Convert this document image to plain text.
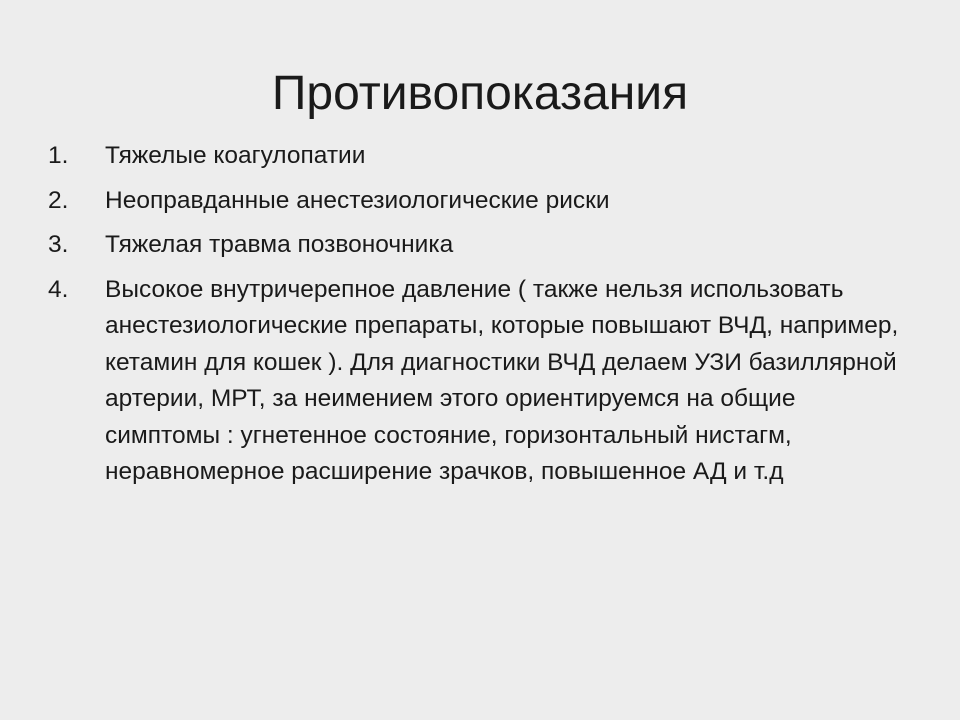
Противопоказания
1. Тяжелые коагулопатии
2. Неоправданные анестезиологические риски
3. Тяжелая травма позвоночника
4. Высокое внутричерепное давление ( также нельзя использовать анестезиологические препараты, которые повышают ВЧД, например, кетамин для кошек ). Для диагностики ВЧД делаем УЗИ базиллярной артерии, МРТ, за неимением этого ориентируемся на общие симптомы : угнетенное состояние, горизонтальный нистагм, неравномерное расширение зрачков, повышенное АД и т.д
